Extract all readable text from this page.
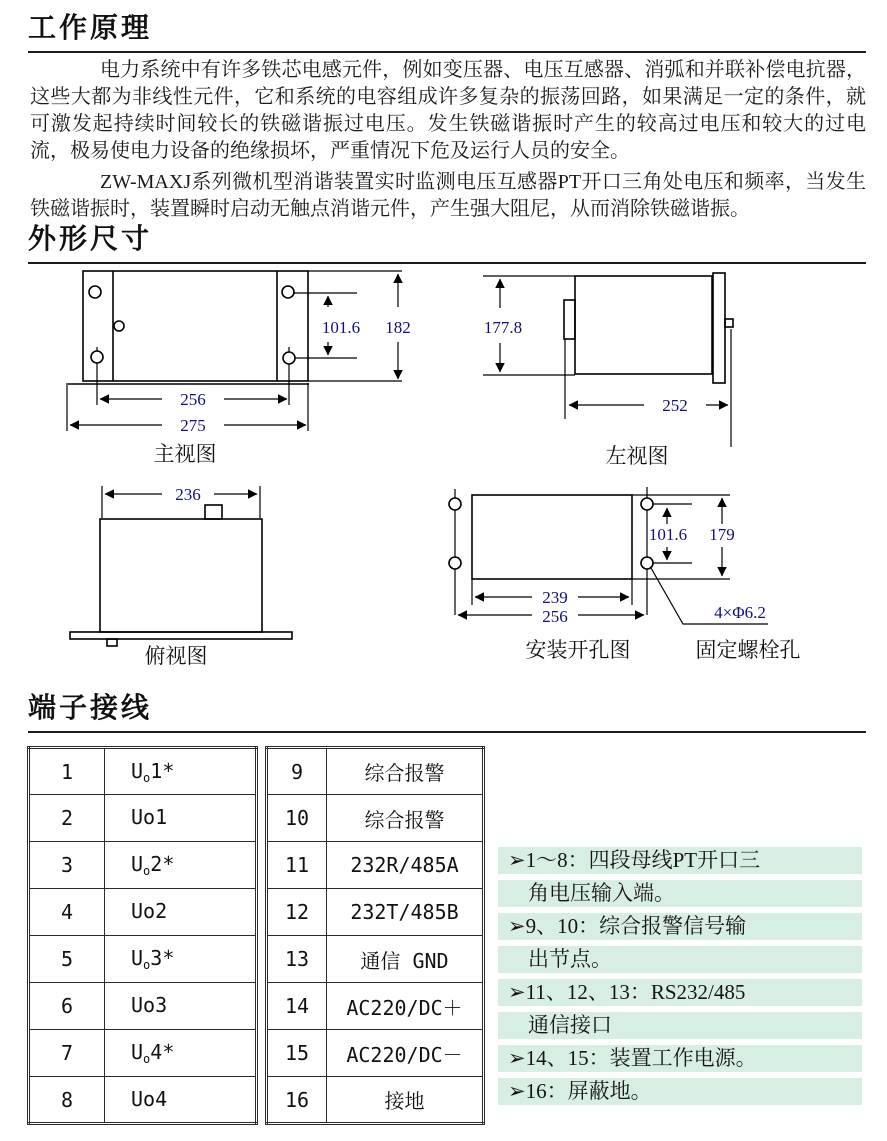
工作原理

电力系统中有许多铁芯电感元件，例如变压器、电压互感器、消弧和并联补偿电抗器，这些大都为非线性元件，它和系统的电容组成许多复杂的振荡回路，如果满足一定的条件，就可激发起持续时间较长的铁磁谐振过电压。发生铁磁谐振时产生的较高过电压和较大的过电流，极易使电力设备的绝缘损坏，严重情况下危及运行人员的安全。

ZW-MAXJ系列微机型消谐装置实时监测电压互感器PT开口三角处电压和频率，当发生铁磁谐振时，装置瞬时启动无触点消谐元件，产生强大阻尼，从而消除铁磁谐振。

外形尺寸
101.6 182
256
275
主视图
177.8
252
左视图
236
俯视图
101.6 179
239
256	4×Φ6.2
安装开孔图	固定螺栓孔
端子接线
1	$U_o1*$
2	Uo1
3	$U_o2*$
4	Uo2
5	$U_o3*$
6	Uo3
7	$U_o4*$
8	Uo4
9	综合报警
10	综合报警
11	232R/485A
12	232T/485B
13	通信 GND
14	AC220/DC＋
15	AC220/DC－
16	接地
➢1～8：四段母线PT开口三
角电压输入端。
➢9、10：综合报警信号输
出节点。
➢11、12、13：RS232/485
通信接口
➢14、15：装置工作电源。
➢16：屏蔽地。
